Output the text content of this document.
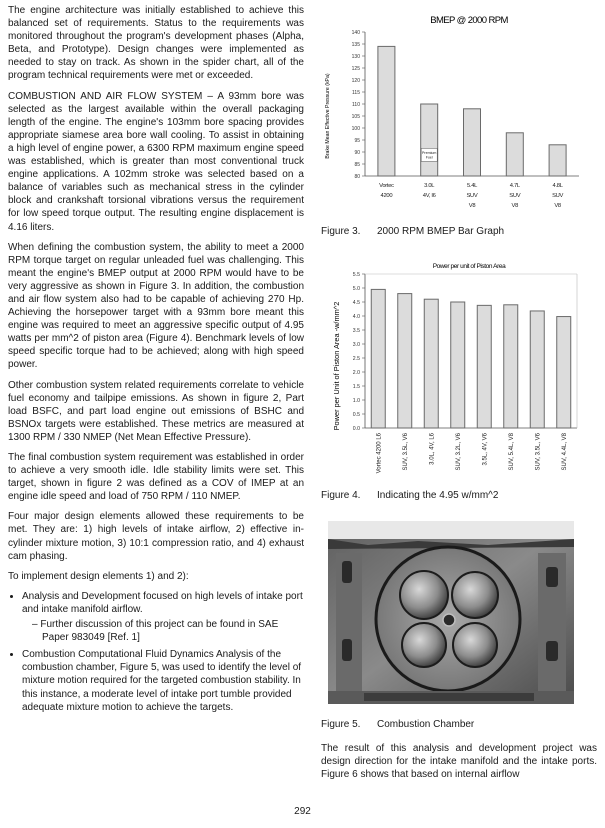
The engine architecture was initially established to achieve this balanced set of requirements. Status to the requirements was monitored throughout the program's development phases (Alpha, Beta, and Prototype). Design changes were implemented as needed to stay on track. As shown in the spider chart, all of the program technical requirements were met or exceeded.

COMBUSTION AND AIR FLOW SYSTEM – A 93mm bore was selected as the largest available within the overall packaging length of the engine. The engine's 103mm bore spacing provides appropriate siamese area bore wall cooling. To assist in obtaining a high level of engine power, a 6300 RPM maximum engine speed was established, which is greater than most conventional truck engine applications. A 102mm stroke was selected based on a balance of variables such as mechanical stress in the cylinder block and crankshaft torsional vibrations versus the requirement for low speed torque output. The resulting engine displacement is 4.16 liters.

When defining the combustion system, the ability to meet a 2000 RPM torque target on regular unleaded fuel was challenging. This meant the engine's BMEP output at 2000 RPM would have to be very aggressive as shown in Figure 3. In addition, the combustion and air flow system also had to be capable of achieving 270 Hp. Achieving the horsepower target with a 93mm bore meant this engine was required to meet an aggressive specific output of 4.95 watts per mm^2 of piston area (Figure 4). Benchmark levels of low speed specific torque had to be achieved; along with high speed power.

Other combustion system related requirements correlate to vehicle fuel economy and tailpipe emissions. As shown in figure 2, Part load BSFC, and part load engine out emissions of BSHC and BSNOx targets were established. These metrics are measured at 1300 RPM / 330 NMEP (Net Mean Effective Pressure).

The final combustion system requirement was established in order to achieve a very smooth idle. Idle stability limits were set. This target, shown in figure 2 was defined as a COV of IMEP at an engine idle speed and load of 750 RPM / 110 NMEP.

Four major design elements allowed these requirements to be met. They are: 1) high levels of intake airflow, 2) effective in-cylinder mixture motion, 3) 10:1 compression ratio, and 4) exhaust cam phasing.

To implement design elements 1) and 2):

• Analysis and Development focused on high levels of intake port and intake manifold airflow.
– Further discussion of this project can be found in SAE Paper 983049 [Ref. 1]
• Combustion Computational Fluid Dynamics Analysis of the combustion chamber, Figure 5, was used to identify the level of mixture motion required for the targeted combustion stability. In this instance, a moderate level of intake port tumble provided adequate mixture motion to achieve the targets.
BMEP @ 2000 RPM
Brake Mean Effective Pressure (kPa)
80
85
90
95
100
105
110
115
120
125
130
135
140
Vortec
4200
3.0L
4V, I6
Premium
Fuel
5.4L
SUV
V8
4.7L
SUV
V8
4.8L
SUV
V8

Figure 3. 2000 RPM BMEP Bar Graph

Power per unit of Piston Area
Power per Unit of Piston Area -w/mm^2 0.0
0.5
1.0
1.5
2.0
2.5
3.0
3.5
4.0
4.5
5.0
5.5
Vortec 4200 L6	SUV, 3.5L, V6	3.0L, 4V, L6	SUV, 3.2L, V6	3.5L, 4V, V6	SUV, 5.4L, V8	SUV, 3.5L, V6	SUV, 4.4L, V8

Figure 4. Indicating the 4.95 w/mm^2

Figure 5. Combustion Chamber

The result of this analysis and development project was design direction for the intake manifold and the intake ports. Figure 6 shows that based on internal airflow

292
